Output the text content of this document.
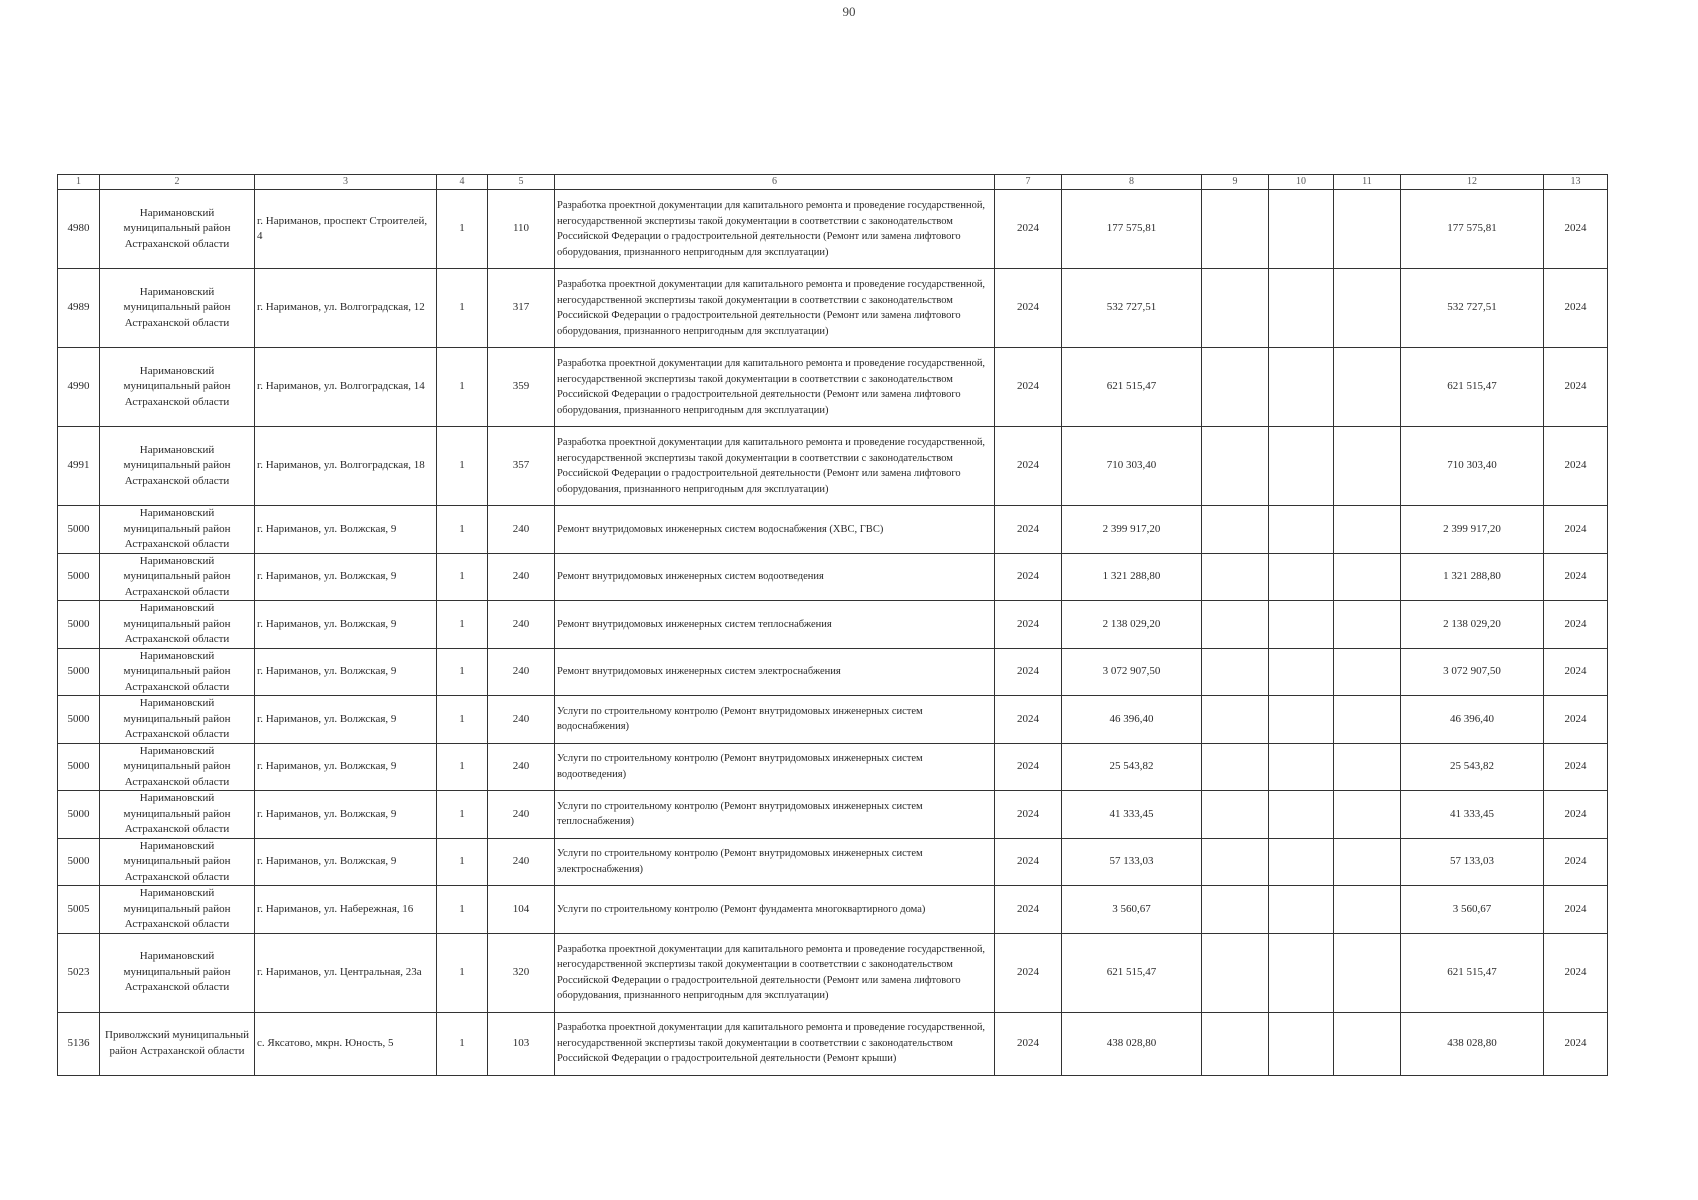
90
1	2	3	4	5	6	7	8	9	10	11	12	13
4980	Наримановский муниципальный район Астраханской области	г. Нариманов, проспект Строителей, 4	1	110	Разработка проектной документации для капитального ремонта и проведение государственной, негосударственной экспертизы такой документации в соответствии с законодательством Российской Федерации о градостроительной деятельности (Ремонт или замена лифтового оборудования, признанного непригодным для эксплуатации)	2024	177 575,81				177 575,81	2024
4989	Наримановский муниципальный район Астраханской области	г. Нариманов, ул. Волгоградская, 12	1	317	Разработка проектной документации для капитального ремонта и проведение государственной, негосударственной экспертизы такой документации в соответствии с законодательством Российской Федерации о градостроительной деятельности (Ремонт или замена лифтового оборудования, признанного непригодным для эксплуатации)	2024	532 727,51				532 727,51	2024
4990	Наримановский муниципальный район Астраханской области	г. Нариманов, ул. Волгоградская, 14	1	359	Разработка проектной документации для капитального ремонта и проведение государственной, негосударственной экспертизы такой документации в соответствии с законодательством Российской Федерации о градостроительной деятельности (Ремонт или замена лифтового оборудования, признанного непригодным для эксплуатации)	2024	621 515,47				621 515,47	2024
4991	Наримановский муниципальный район Астраханской области	г. Нариманов, ул. Волгоградская, 18	1	357	Разработка проектной документации для капитального ремонта и проведение государственной, негосударственной экспертизы такой документации в соответствии с законодательством Российской Федерации о градостроительной деятельности (Ремонт или замена лифтового оборудования, признанного непригодным для эксплуатации)	2024	710 303,40				710 303,40	2024
5000	Наримановский муниципальный район Астраханской области	г. Нариманов, ул. Волжская, 9	1	240	Ремонт внутридомовых инженерных систем водоснабжения (ХВС, ГВС)	2024	2 399 917,20				2 399 917,20	2024
5000	Наримановский муниципальный район Астраханской области	г. Нариманов, ул. Волжская, 9	1	240	Ремонт внутридомовых инженерных систем водоотведения	2024	1 321 288,80				1 321 288,80	2024
5000	Наримановский муниципальный район Астраханской области	г. Нариманов, ул. Волжская, 9	1	240	Ремонт внутридомовых инженерных систем теплоснабжения	2024	2 138 029,20				2 138 029,20	2024
5000	Наримановский муниципальный район Астраханской области	г. Нариманов, ул. Волжская, 9	1	240	Ремонт внутридомовых инженерных систем электроснабжения	2024	3 072 907,50				3 072 907,50	2024
5000	Наримановский муниципальный район Астраханской области	г. Нариманов, ул. Волжская, 9	1	240	Услуги по строительному контролю (Ремонт внутридомовых инженерных систем водоснабжения)	2024	46 396,40				46 396,40	2024
5000	Наримановский муниципальный район Астраханской области	г. Нариманов, ул. Волжская, 9	1	240	Услуги по строительному контролю (Ремонт внутридомовых инженерных систем водоотведения)	2024	25 543,82				25 543,82	2024
5000	Наримановский муниципальный район Астраханской области	г. Нариманов, ул. Волжская, 9	1	240	Услуги по строительному контролю (Ремонт внутридомовых инженерных систем теплоснабжения)	2024	41 333,45				41 333,45	2024
5000	Наримановский муниципальный район Астраханской области	г. Нариманов, ул. Волжская, 9	1	240	Услуги по строительному контролю (Ремонт внутридомовых инженерных систем электроснабжения)	2024	57 133,03				57 133,03	2024
5005	Наримановский муниципальный район Астраханской области	г. Нариманов, ул. Набережная, 16	1	104	Услуги по строительному контролю (Ремонт фундамента многоквартирного дома)	2024	3 560,67				3 560,67	2024
5023	Наримановский муниципальный район Астраханской области	г. Нариманов, ул. Центральная, 23а	1	320	Разработка проектной документации для капитального ремонта и проведение государственной, негосударственной экспертизы такой документации в соответствии с законодательством Российской Федерации о градостроительной деятельности (Ремонт или замена лифтового оборудования, признанного непригодным для эксплуатации)	2024	621 515,47				621 515,47	2024
5136	Приволжский муниципальный район Астраханской области	с. Яксатово, мкрн. Юность, 5	1	103	Разработка проектной документации для капитального ремонта и проведение государственной, негосударственной экспертизы такой документации в соответствии с законодательством Российской Федерации о градостроительной деятельности (Ремонт крыши)	2024	438 028,80				438 028,80	2024
